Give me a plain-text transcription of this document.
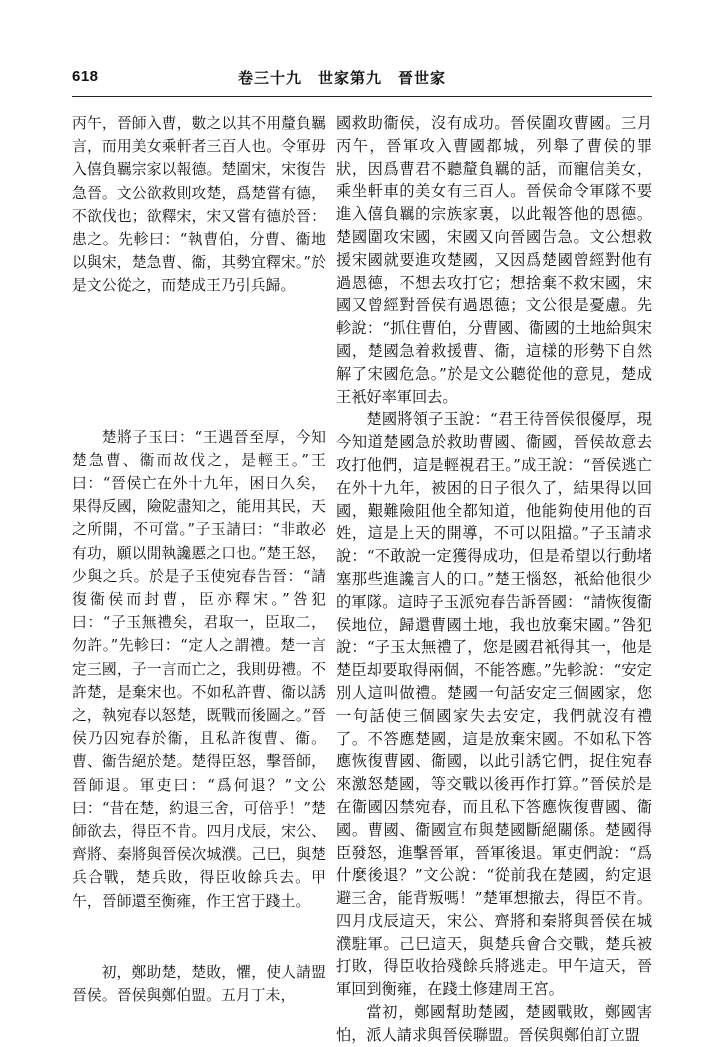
618	卷三十九　世家第九　晉世家
丙午，晉師入曹，數之以其不用釐負羈言，而用美女乘軒者三百人也。令軍毋入僖負羈宗家以報德。楚圍宋，宋復告急晉。文公欲救則攻楚，爲楚嘗有德，不欲伐也；欲釋宋，宋又嘗有德於晉：患之。先軫曰：“執曹伯，分曹、衞地以與宋，楚急曹、衞，其勢宜釋宋。”於是文公從之，而楚成王乃引兵歸。
楚將子玉曰：“王遇晉至厚，今知楚急曹、衞而故伐之，是輕王。”王曰：“晉侯亡在外十九年，困日久矣，果得反國，險阸盡知之，能用其民，天之所開，不可當。”子玉請曰：“非敢必有功，願以閒執讒慝之口也。”楚王怒，少與之兵。於是子玉使宛春告晉：“請復衞侯而封曹，臣亦釋宋。”咎犯曰：“子玉無禮矣，君取一，臣取二，勿許。”先軫曰：“定人之謂禮。楚一言定三國，子一言而亡之，我則毋禮。不許楚，是棄宋也。不如私許曹、衞以誘之，執宛春以怒楚，既戰而後圖之。”晉侯乃囚宛春於衞，且私許復曹、衞。曹、衞告絕於楚。楚得臣怒，擊晉師，晉師退。軍吏曰：“爲何退？”文公曰：“昔在楚，約退三舍，可倍乎！”楚師欲去，得臣不肯。四月戊辰，宋公、齊將、秦將與晉侯次城濮。己巳，與楚兵合戰，楚兵敗，得臣收餘兵去。甲午，晉師還至衡雍，作王宮于踐土。
初，鄭助楚，楚敗，懼，使人請盟晉侯。晉侯與鄭伯盟。五月丁未，
國救助衞侯，沒有成功。晉侯圍攻曹國。三月丙午，晉軍攻入曹國都城，列舉了曹侯的罪狀，因爲曹君不聽釐負羈的話，而寵信美女，乘坐軒車的美女有三百人。晉侯命令軍隊不要進入僖負羈的宗族家裏，以此報答他的恩德。楚國圍攻宋國，宋國又向晉國告急。文公想救援宋國就要進攻楚國，又因爲楚國曾經對他有過恩德，不想去攻打它；想捨棄不救宋國，宋國又曾經對晉侯有過恩德；文公很是憂慮。先軫說：“抓住曹伯，分曹國、衞國的土地給與宋國，楚國急着救援曹、衞，這樣的形勢下自然解了宋國危急。”於是文公聽從他的意見，楚成王衹好率軍回去。
楚國將領子玉說：“君王待晉侯很優厚，現今知道楚國急於救助曹國、衞國，晉侯故意去攻打他們，這是輕視君王。”成王說：“晉侯逃亡在外十九年，被困的日子很久了，結果得以回國，艱難險阻他全都知道，他能夠使用他的百姓，這是上天的開導，不可以阻擋。”子玉請求說：“不敢說一定獲得成功，但是希望以行動堵塞那些進讒言人的口。”楚王惱怒，衹給他很少的軍隊。這時子玉派宛春告訴晉國：“請恢復衞侯地位，歸還曹國土地，我也放棄宋國。”咎犯說：“子玉太無禮了，您是國君衹得其一，他是楚臣却要取得兩個，不能答應。”先軫說：“安定別人這叫做禮。楚國一句話安定三個國家，您一句話使三個國家失去安定，我們就沒有禮了。不答應楚國，這是放棄宋國。不如私下答應恢復曹國、衞國，以此引誘它們，捉住宛春來激怒楚國，等交戰以後再作打算。”晉侯於是在衞國囚禁宛春，而且私下答應恢復曹國、衞國。曹國、衞國宣布與楚國斷絕關係。楚國得臣發怒，進擊晉軍，晉軍後退。軍吏們說：“爲什麼後退？”文公說：“從前我在楚國，約定退避三舍，能背叛嗎！”楚軍想撤去，得臣不肯。四月戊辰這天，宋公、齊將和秦將與晉侯在城濮駐軍。己巳這天，與楚兵會合交戰，楚兵被打敗，得臣收拾殘餘兵將逃走。甲午這天，晉軍回到衡雍，在踐土修建周王宮。
當初，鄭國幫助楚國，楚國戰敗，鄭國害怕，派人請求與晉侯聯盟。晉侯與鄭伯訂立盟
